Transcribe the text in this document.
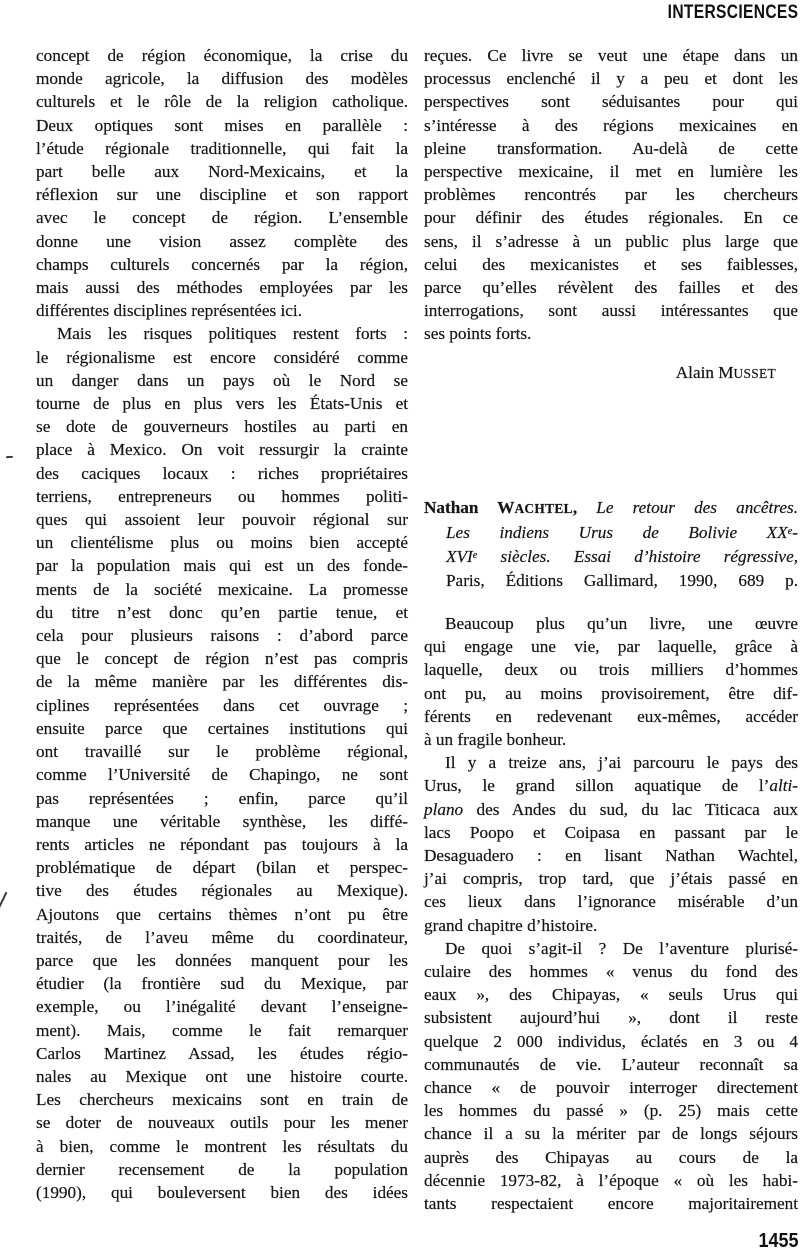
INTERSCIENCES
concept de région économique, la crise du
monde agricole, la diffusion des modèles
culturels et le rôle de la religion catholique.
Deux optiques sont mises en parallèle :
l’étude régionale traditionnelle, qui fait la
part belle aux Nord-Mexicains, et la
réflexion sur une discipline et son rapport
avec le concept de région. L’ensemble
donne une vision assez complète des
champs culturels concernés par la région,
mais aussi des méthodes employées par les
différentes disciplines représentées ici.
Mais les risques politiques restent forts :
le régionalisme est encore considéré comme
un danger dans un pays où le Nord se
tourne de plus en plus vers les États-Unis et
se dote de gouverneurs hostiles au parti en
place à Mexico. On voit ressurgir la crainte
des caciques locaux : riches propriétaires
terriens, entrepreneurs ou hommes politi-
ques qui assoient leur pouvoir régional sur
un clientélisme plus ou moins bien accepté
par la population mais qui est un des fonde-
ments de la société mexicaine. La promesse
du titre n’est donc qu’en partie tenue, et
cela pour plusieurs raisons : d’abord parce
que le concept de région n’est pas compris
de la même manière par les différentes dis-
ciplines représentées dans cet ouvrage ;
ensuite parce que certaines institutions qui
ont travaillé sur le problème régional,
comme l’Université de Chapingo, ne sont
pas représentées ; enfin, parce qu’il
manque une véritable synthèse, les diffé-
rents articles ne répondant pas toujours à la
problématique de départ (bilan et perspec-
tive des études régionales au Mexique).
Ajoutons que certains thèmes n’ont pu être
traités, de l’aveu même du coordinateur,
parce que les données manquent pour les
étudier (la frontière sud du Mexique, par
exemple, ou l’inégalité devant l’enseigne-
ment). Mais, comme le fait remarquer
Carlos Martinez Assad, les études régio-
nales au Mexique ont une histoire courte.
Les chercheurs mexicains sont en train de
se doter de nouveaux outils pour les mener
à bien, comme le montrent les résultats du
dernier recensement de la population
(1990), qui bouleversent bien des idées
reçues. Ce livre se veut une étape dans un
processus enclenché il y a peu et dont les
perspectives sont séduisantes pour qui
s’intéresse à des régions mexicaines en
pleine transformation. Au-delà de cette
perspective mexicaine, il met en lumière les
problèmes rencontrés par les chercheurs
pour définir des études régionales. En ce
sens, il s’adresse à un public plus large que
celui des mexicanistes et ses faiblesses,
parce qu’elles révèlent des failles et des
interrogations, sont aussi intéressantes que
ses points forts.
Alain MUSSET
Nathan WACHTEL, Le retour des ancêtres.
Les indiens Urus de Bolivie XXe-
XVIe siècles. Essai d’histoire régressive,
Paris, Éditions Gallimard, 1990, 689 p.
Beaucoup plus qu’un livre, une œuvre
qui engage une vie, par laquelle, grâce à
laquelle, deux ou trois milliers d’hommes
ont pu, au moins provisoirement, être dif-
férents en redevenant eux-mêmes, accéder
à un fragile bonheur.
Il y a treize ans, j’ai parcouru le pays des
Urus, le grand sillon aquatique de l’alti-
plano des Andes du sud, du lac Titicaca aux
lacs Poopo et Coipasa en passant par le
Desaguadero : en lisant Nathan Wachtel,
j’ai compris, trop tard, que j’étais passé en
ces lieux dans l’ignorance misérable d’un
grand chapitre d’histoire.
De quoi s’agit-il ? De l’aventure plurisé-
culaire des hommes « venus du fond des
eaux », des Chipayas, « seuls Urus qui
subsistent aujourd’hui », dont il reste
quelque 2 000 individus, éclatés en 3 ou 4
communautés de vie. L’auteur reconnaît sa
chance « de pouvoir interroger directement
les hommes du passé » (p. 25) mais cette
chance il a su la mériter par de longs séjours
auprès des Chipayas au cours de la
décennie 1973-82, à l’époque « où les habi-
tants respectaient encore majoritairement
1455
